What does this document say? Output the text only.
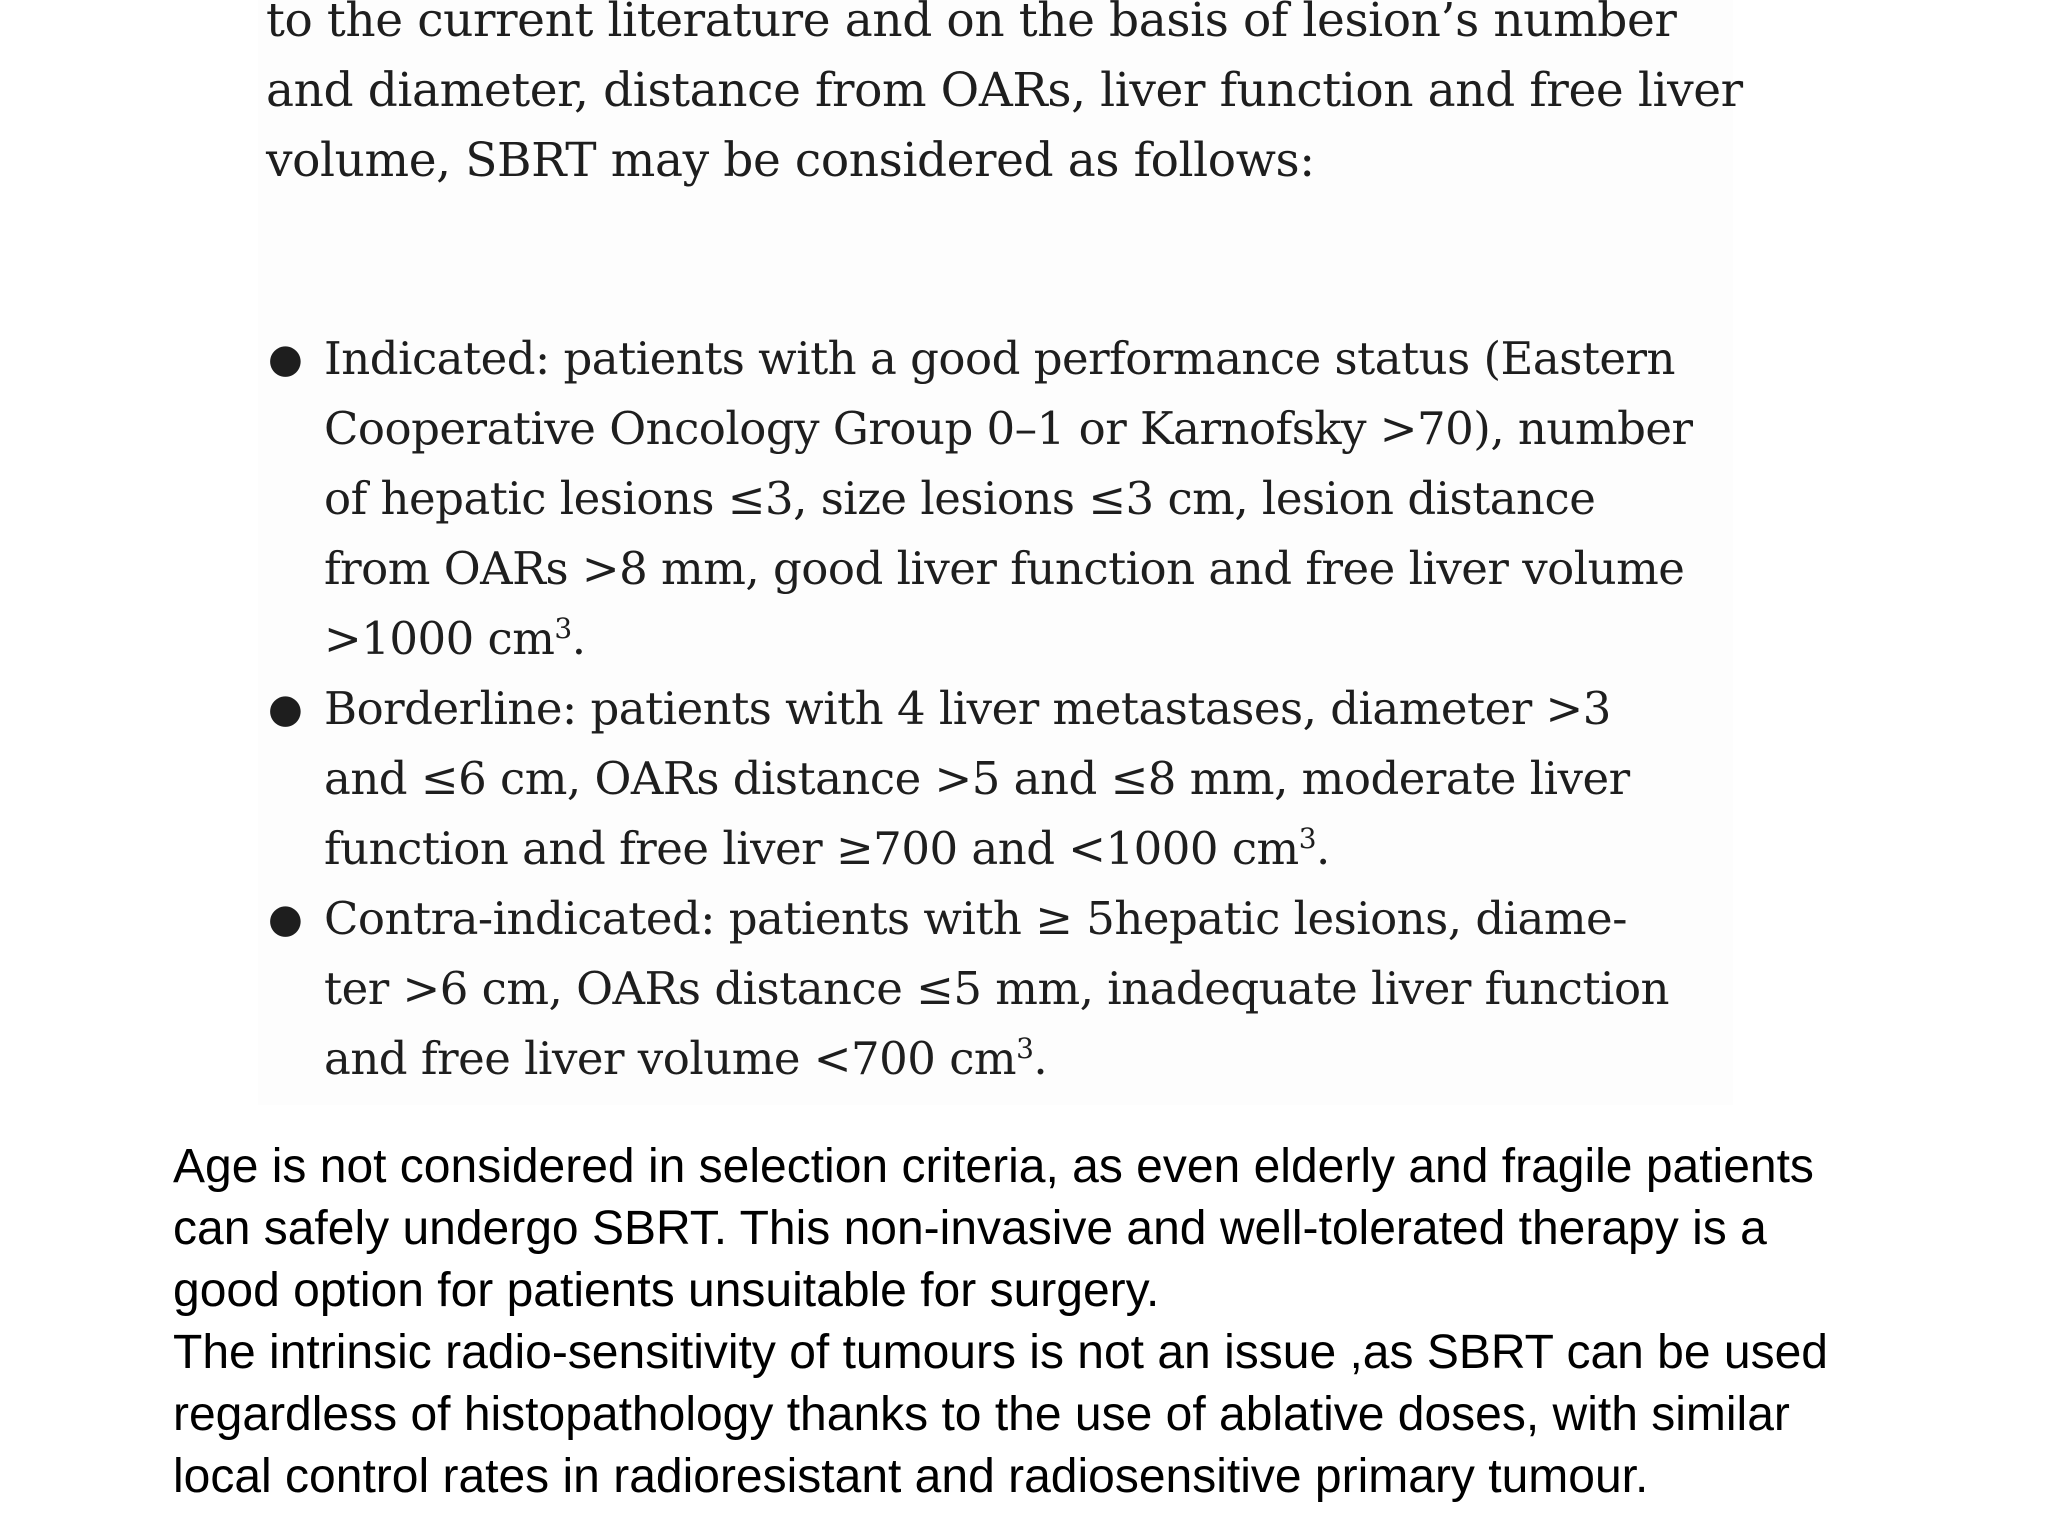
to the current literature and on the basis of lesion’s number
and diameter, distance from OARs, liver function and free liver
volume, SBRT may be considered as follows:

● Indicated: patients with a good performance status (Eastern
Cooperative Oncology Group 0–1 or Karnofsky >70), number
of hepatic lesions ≤3, size lesions ≤3 cm, lesion distance
from OARs >8 mm, good liver function and free liver volume
>1000 $cm^3$.
● Borderline: patients with 4 liver metastases, diameter >3
and ≤6 cm, OARs distance >5 and ≤8 mm, moderate liver
function and free liver ≥700 and <1000 $cm^3$.
● Contra-indicated: patients with ≥ 5hepatic lesions, diame-
ter >6 cm, OARs distance ≤5 mm, inadequate liver function
and free liver volume <700 $cm^3$.

Age is not considered in selection criteria, as even elderly and fragile patients
can safely undergo SBRT. This non-invasive and well-tolerated therapy is a
good option for patients unsuitable for surgery.

The intrinsic radio-sensitivity of tumours is not an issue ,as SBRT can be used
regardless of histopathology thanks to the use of ablative doses, with similar
local control rates in radioresistant and radiosensitive primary tumour.
